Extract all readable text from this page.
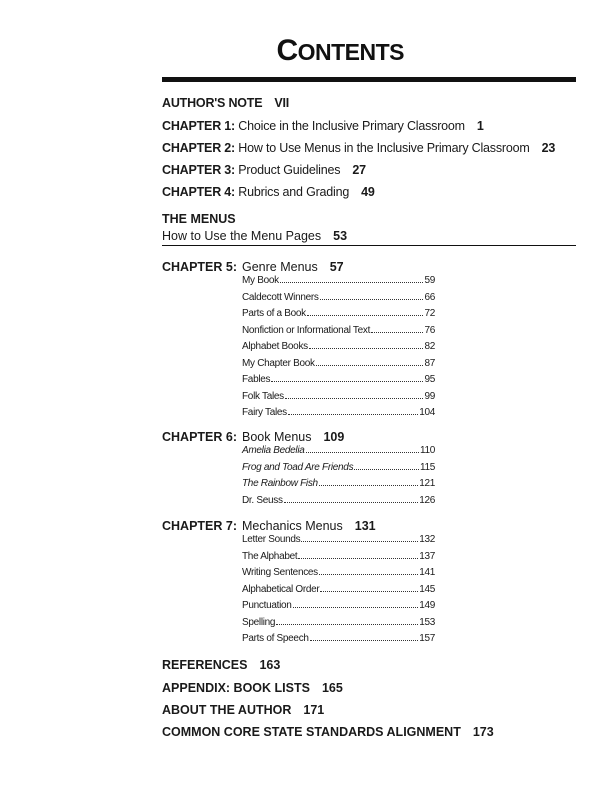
CONTENTS
AUTHOR'S NOTE VII
CHAPTER 1: Choice in the Inclusive Primary Classroom 1
CHAPTER 2: How to Use Menus in the Inclusive Primary Classroom 23
CHAPTER 3: Product Guidelines 27
CHAPTER 4: Rubrics and Grading 49
THE MENUS
How to Use the Menu Pages 53
CHAPTER 5: Genre Menus 57
My Book	59
Caldecott Winners	66
Parts of a Book	72
Nonfiction or Informational Text	76
Alphabet Books	82
My Chapter Book	87
Fables	95
Folk Tales	99
Fairy Tales	104
CHAPTER 6: Book Menus 109
Amelia Bedelia	110
Frog and Toad Are Friends	115
The Rainbow Fish	121
Dr. Seuss	126
CHAPTER 7: Mechanics Menus 131
Letter Sounds	132
The Alphabet	137
Writing Sentences	141
Alphabetical Order	145
Punctuation	149
Spelling	153
Parts of Speech	157
REFERENCES 163
APPENDIX: BOOK LISTS 165
ABOUT THE AUTHOR 171
COMMON CORE STATE STANDARDS ALIGNMENT 173
